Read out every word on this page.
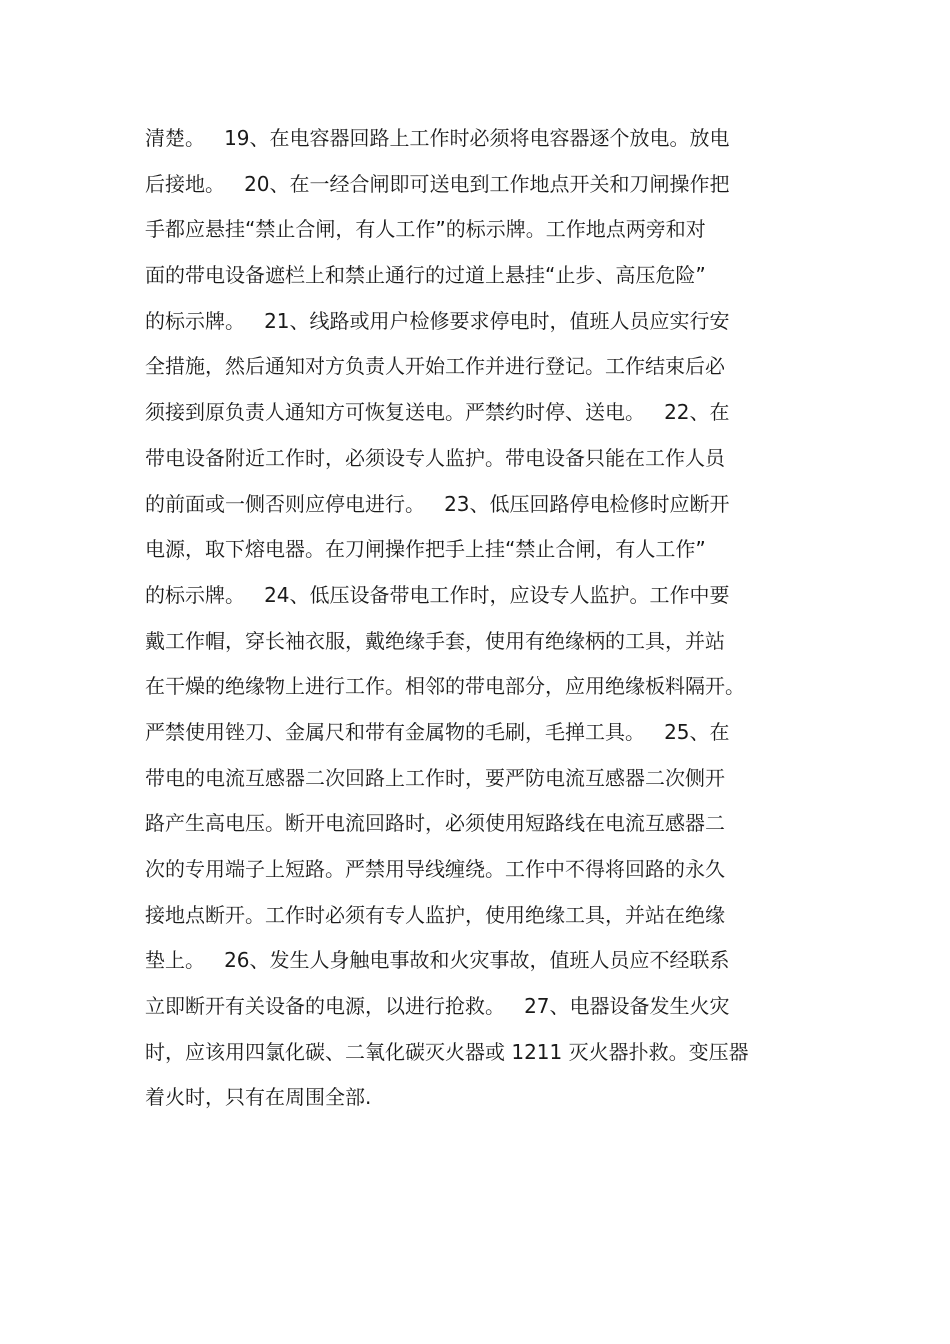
清楚。   19、在电容器回路上工作时必须将电容器逐个放电。放电
后接地。   20、在一经合闸即可送电到工作地点开关和刀闸操作把
手都应悬挂“禁止合闸，有人工作”的标示牌。工作地点两旁和对
面的带电设备遮栏上和禁止通行的过道上悬挂“止步、高压危险”
的标示牌。   21、线路或用户检修要求停电时，值班人员应实行安
全措施，然后通知对方负责人开始工作并进行登记。工作结束后必
须接到原负责人通知方可恢复送电。严禁约时停、送电。   22、在
带电设备附近工作时，必须设专人监护。带电设备只能在工作人员
的前面或一侧否则应停电进行。   23、低压回路停电检修时应断开
电源，取下熔电器。在刀闸操作把手上挂“禁止合闸，有人工作”
的标示牌。   24、低压设备带电工作时，应设专人监护。工作中要
戴工作帽，穿长袖衣服，戴绝缘手套，使用有绝缘柄的工具，并站
在干燥的绝缘物上进行工作。相邻的带电部分，应用绝缘板料隔开。
严禁使用锉刀、金属尺和带有金属物的毛刷，毛掸工具。   25、在
带电的电流互感器二次回路上工作时，要严防电流互感器二次侧开
路产生高电压。断开电流回路时，必须使用短路线在电流互感器二
次的专用端子上短路。严禁用导线缠绕。工作中不得将回路的永久
接地点断开。工作时必须有专人监护，使用绝缘工具，并站在绝缘
垫上。   26、发生人身触电事故和火灾事故，值班人员应不经联系
立即断开有关设备的电源，以进行抢救。   27、电器设备发生火灾
时，应该用四氯化碳、二氧化碳灭火器或 1211 灭火器扑救。变压器
着火时，只有在周围全部.
